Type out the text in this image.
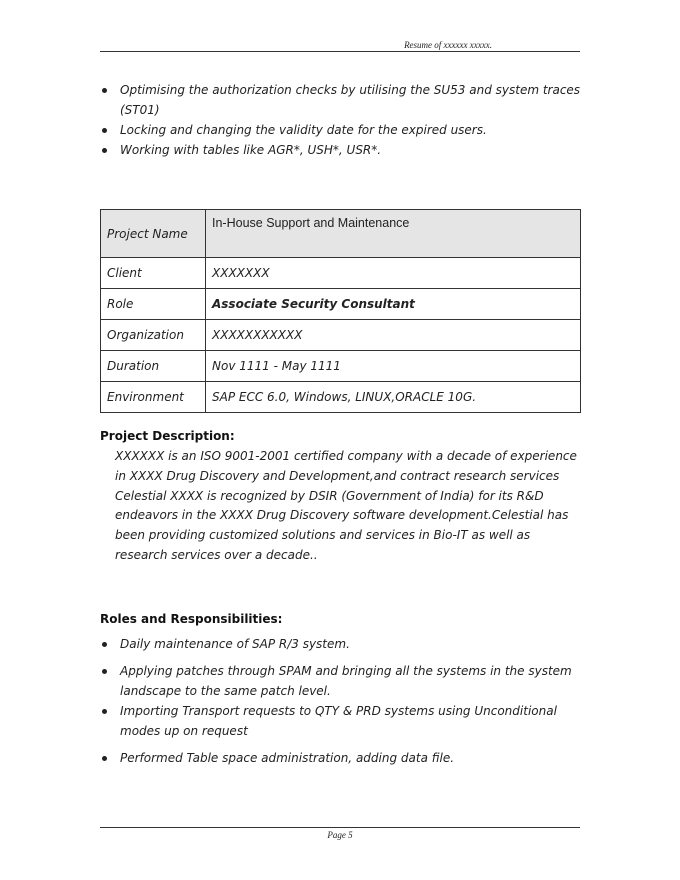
Resume of xxxxxx xxxxx.
Optimising the authorization checks by utilising the SU53 and system traces (ST01)
Locking and changing the validity date for the expired users.
Working with tables like AGR*, USH*, USR*.
Project Name	In-House Support and Maintenance
Client	XXXXXXX
Role	Associate Security Consultant
Organization	XXXXXXXXXXX
Duration	Nov 1111 - May 1111
Environment	SAP ECC 6.0, Windows, LINUX,ORACLE 10G.
Project Description:

XXXXXX is an ISO 9001-2001 certified company with a decade of experience in XXXX Drug Discovery and Development,and contract research services Celestial XXXX is recognized by DSIR (Government of India) for its R&D endeavors in the XXXX Drug Discovery software development.Celestial has been providing customized solutions and services in Bio-IT as well as research services over a decade..

Roles and Responsibilities:
Daily maintenance of SAP R/3 system.
Applying patches through SPAM and bringing all the systems in the system landscape to the same patch level.
Importing Transport requests to QTY & PRD systems using Unconditional modes up on request
Performed Table space administration, adding data file.
Page 5
